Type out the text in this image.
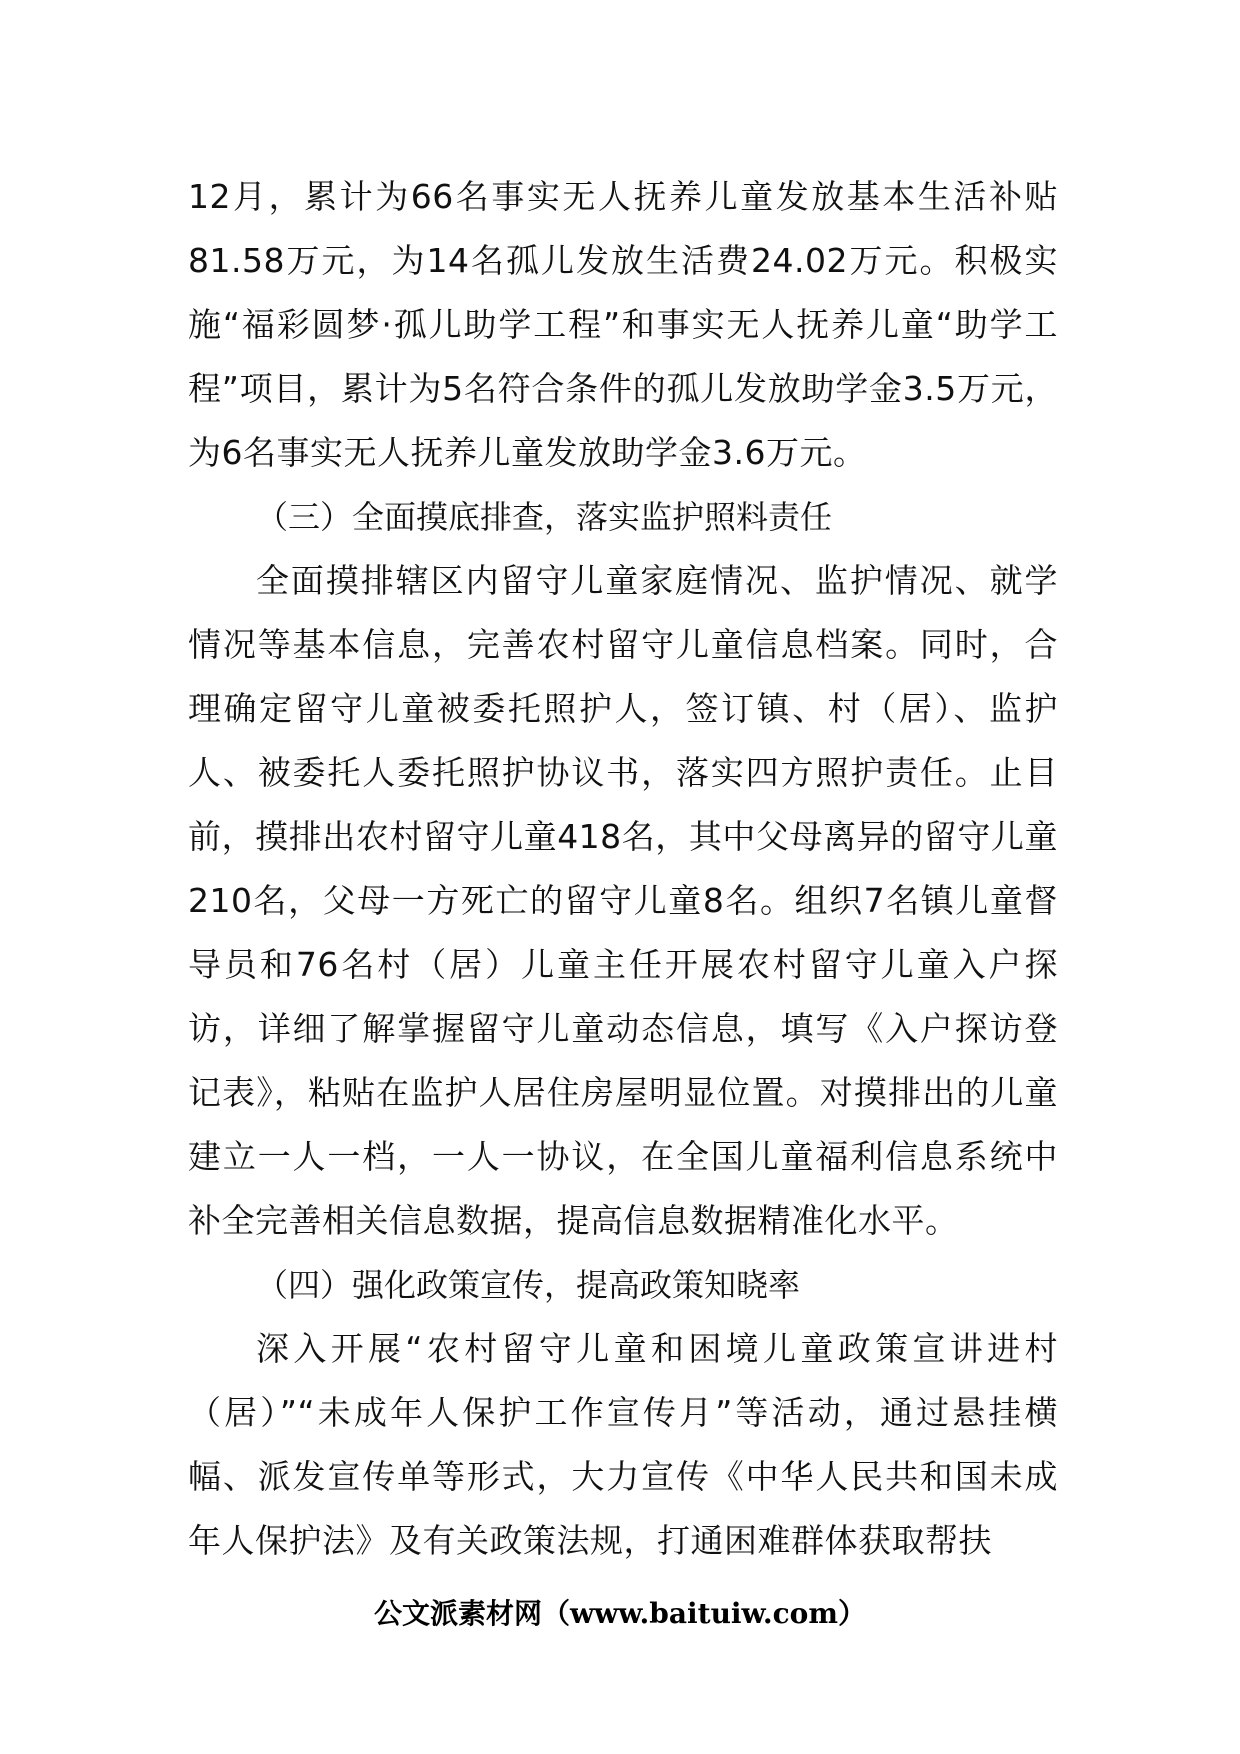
12月，累计为66名事实无人抚养儿童发放基本生活补贴81.58万元，为14名孤儿发放生活费24.02万元。积极实施“福彩圆梦·孤儿助学工程”和事实无人抚养儿童“助学工程”项目，累计为5名符合条件的孤儿发放助学金3.5万元，为6名事实无人抚养儿童发放助学金3.6万元。

（三）全面摸底排查，落实监护照料责任

全面摸排辖区内留守儿童家庭情况、监护情况、就学情况等基本信息，完善农村留守儿童信息档案。同时，合理确定留守儿童被委托照护人，签订镇、村（居）、监护人、被委托人委托照护协议书，落实四方照护责任。止目前，摸排出农村留守儿童418名，其中父母离异的留守儿童210名，父母一方死亡的留守儿童8名。组织7名镇儿童督导员和76名村（居）儿童主任开展农村留守儿童入户探访，详细了解掌握留守儿童动态信息，填写《入户探访登记表》，粘贴在监护人居住房屋明显位置。对摸排出的儿童建立一人一档，一人一协议，在全国儿童福利信息系统中补全完善相关信息数据，提高信息数据精准化水平。

（四）强化政策宣传，提高政策知晓率

深入开展“农村留守儿童和困境儿童政策宣讲进村（居）”“未成年人保护工作宣传月”等活动，通过悬挂横幅、派发宣传单等形式，大力宣传《中华人民共和国未成年人保护法》及有关政策法规，打通困难群体获取帮扶

公文派素材网（www.baituiw.com）
